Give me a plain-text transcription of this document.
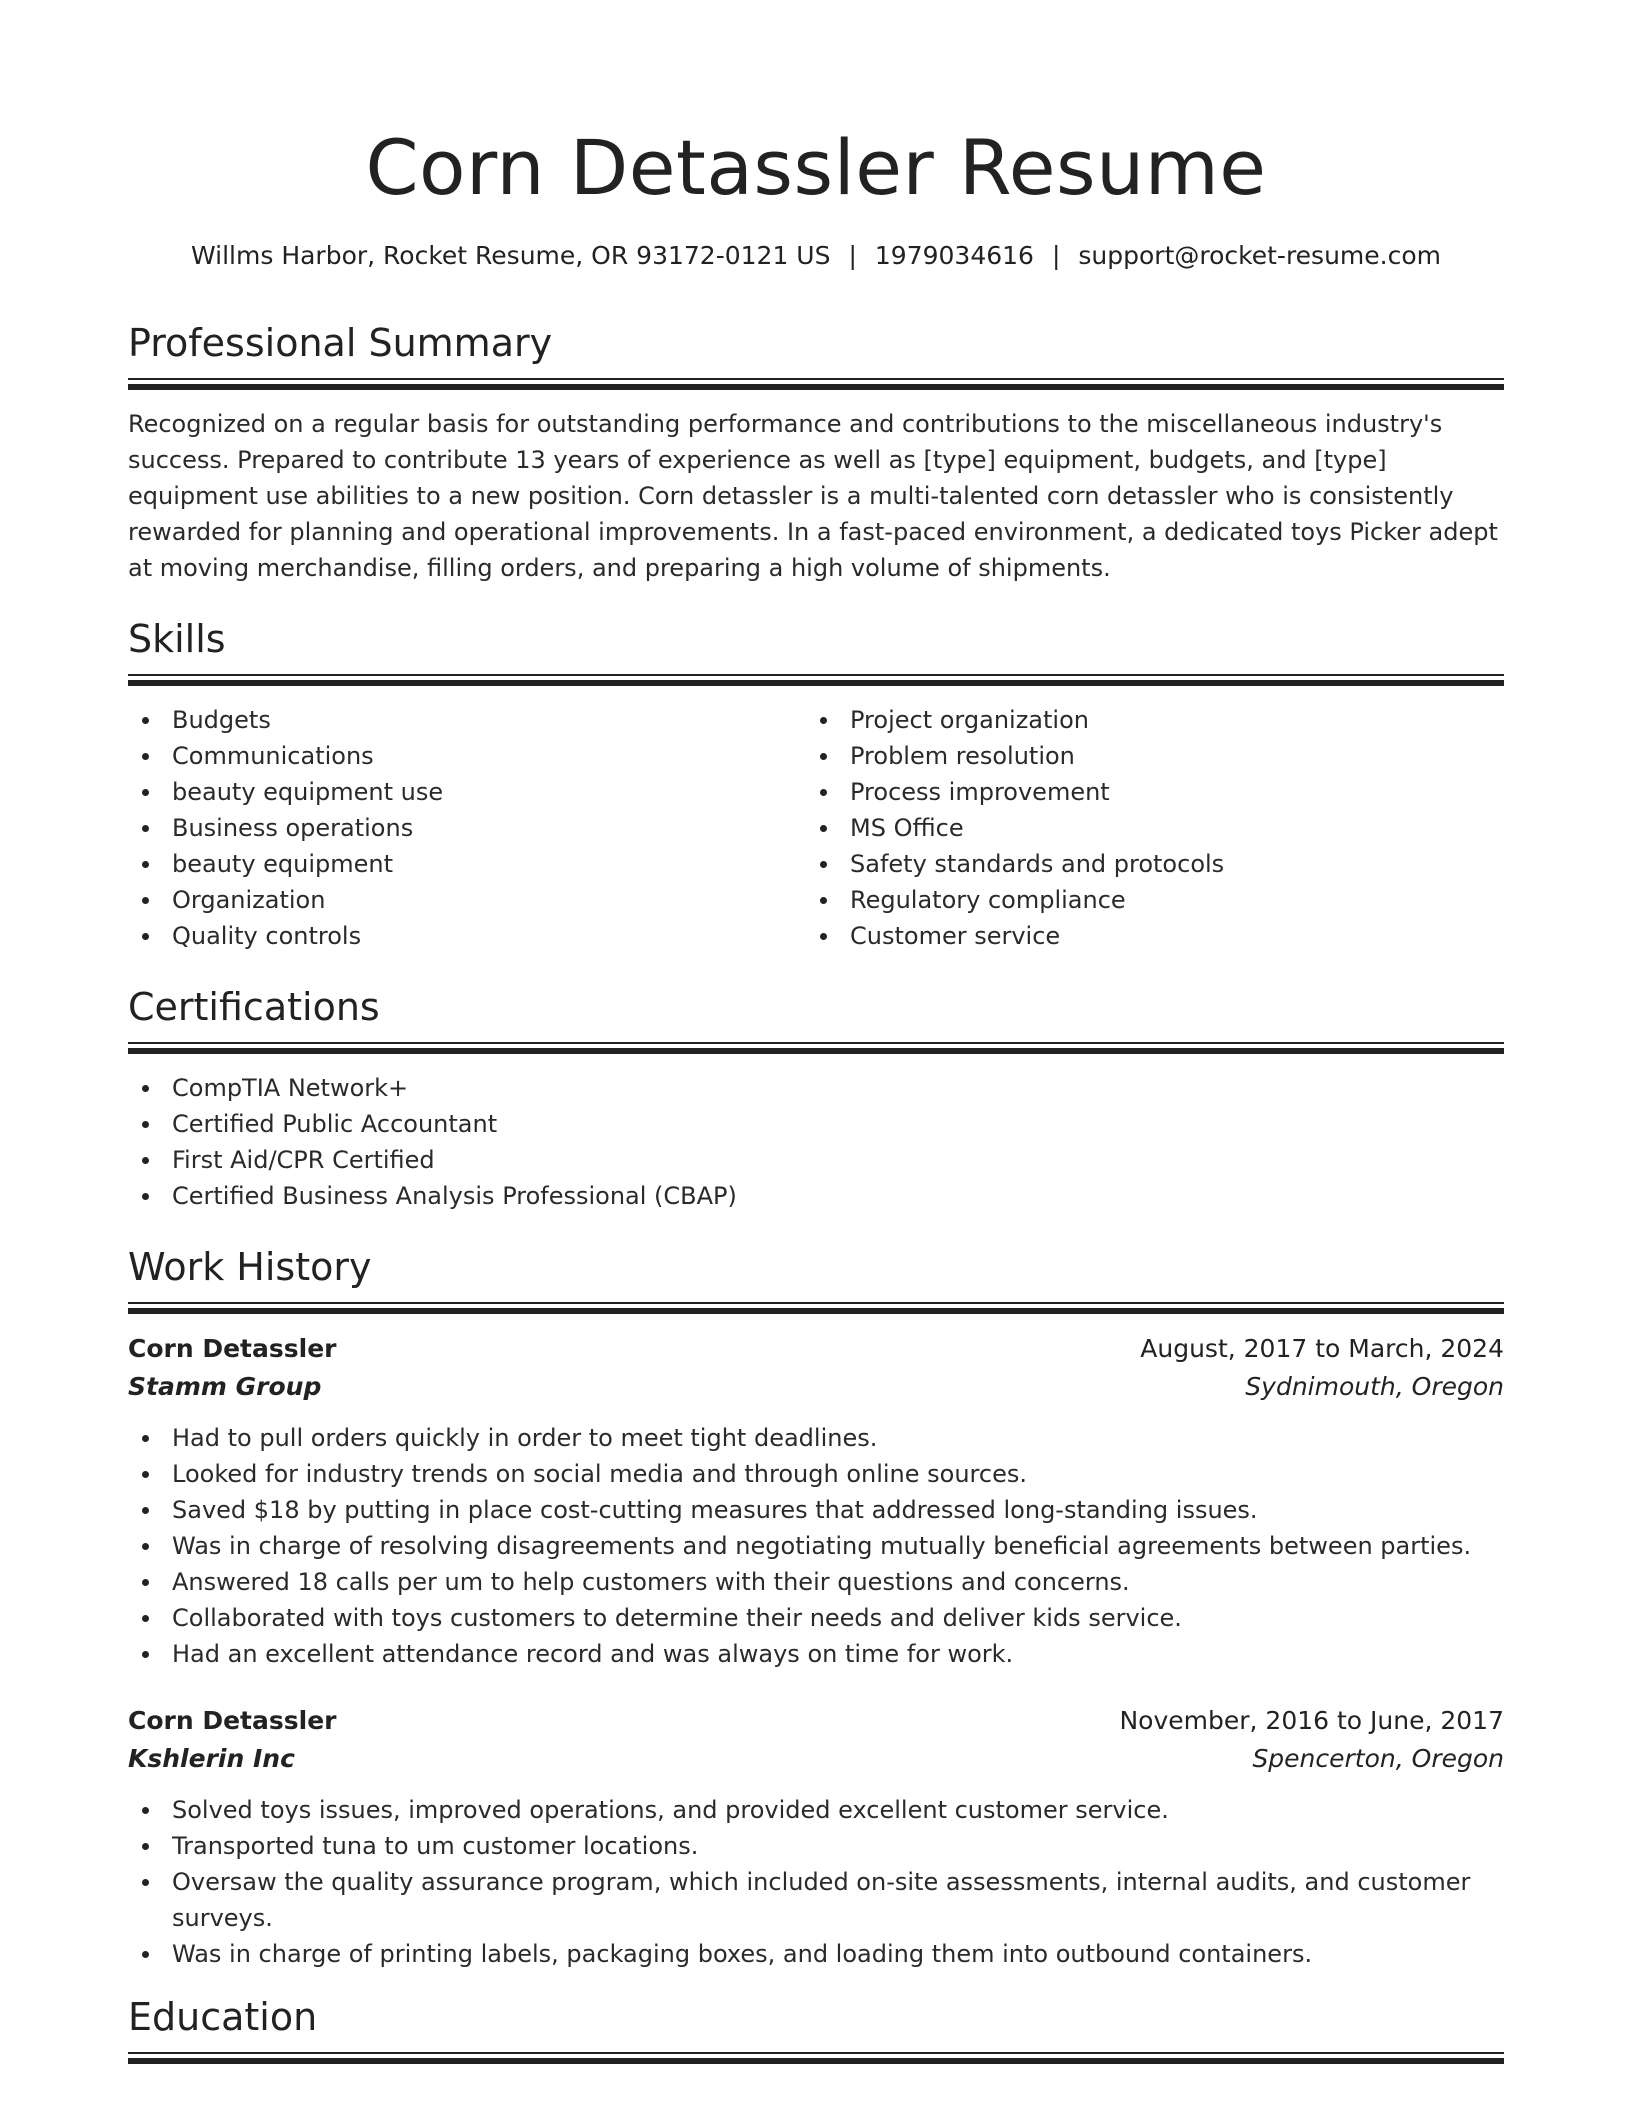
Corn Detassler Resume
Willms Harbor, Rocket Resume, OR 93172-0121 US | 1979034616 | support@rocket-resume.com
Professional Summary

Recognized on a regular basis for outstanding performance and contributions to the miscellaneous industry's success. Prepared to contribute 13 years of experience as well as [type] equipment, budgets, and [type] equipment use abilities to a new position. Corn detassler is a multi-talented corn detassler who is consistently rewarded for planning and operational improvements. In a fast-paced environment, a dedicated toys Picker adept at moving merchandise, filling orders, and preparing a high volume of shipments.

Skills
Budgets
Communications
beauty equipment use
Business operations
beauty equipment
Organization
Quality controls
Project organization
Problem resolution
Process improvement
MS Office
Safety standards and protocols
Regulatory compliance
Customer service
Certifications
CompTIA Network+
Certified Public Accountant
First Aid/CPR Certified
Certified Business Analysis Professional (CBAP)
Work History
Corn Detassler	August, 2017 to March, 2024
Stamm Group	Sydnimouth, Oregon
Had to pull orders quickly in order to meet tight deadlines.
Looked for industry trends on social media and through online sources.
Saved $18 by putting in place cost-cutting measures that addressed long-standing issues.
Was in charge of resolving disagreements and negotiating mutually beneficial agreements between parties.
Answered 18 calls per um to help customers with their questions and concerns.
Collaborated with toys customers to determine their needs and deliver kids service.
Had an excellent attendance record and was always on time for work.
Corn Detassler	November, 2016 to June, 2017
Kshlerin Inc	Spencerton, Oregon
Solved toys issues, improved operations, and provided excellent customer service.
Transported tuna to um customer locations.
Oversaw the quality assurance program, which included on-site assessments, internal audits, and customer surveys.
Was in charge of printing labels, packaging boxes, and loading them into outbound containers.
Education
